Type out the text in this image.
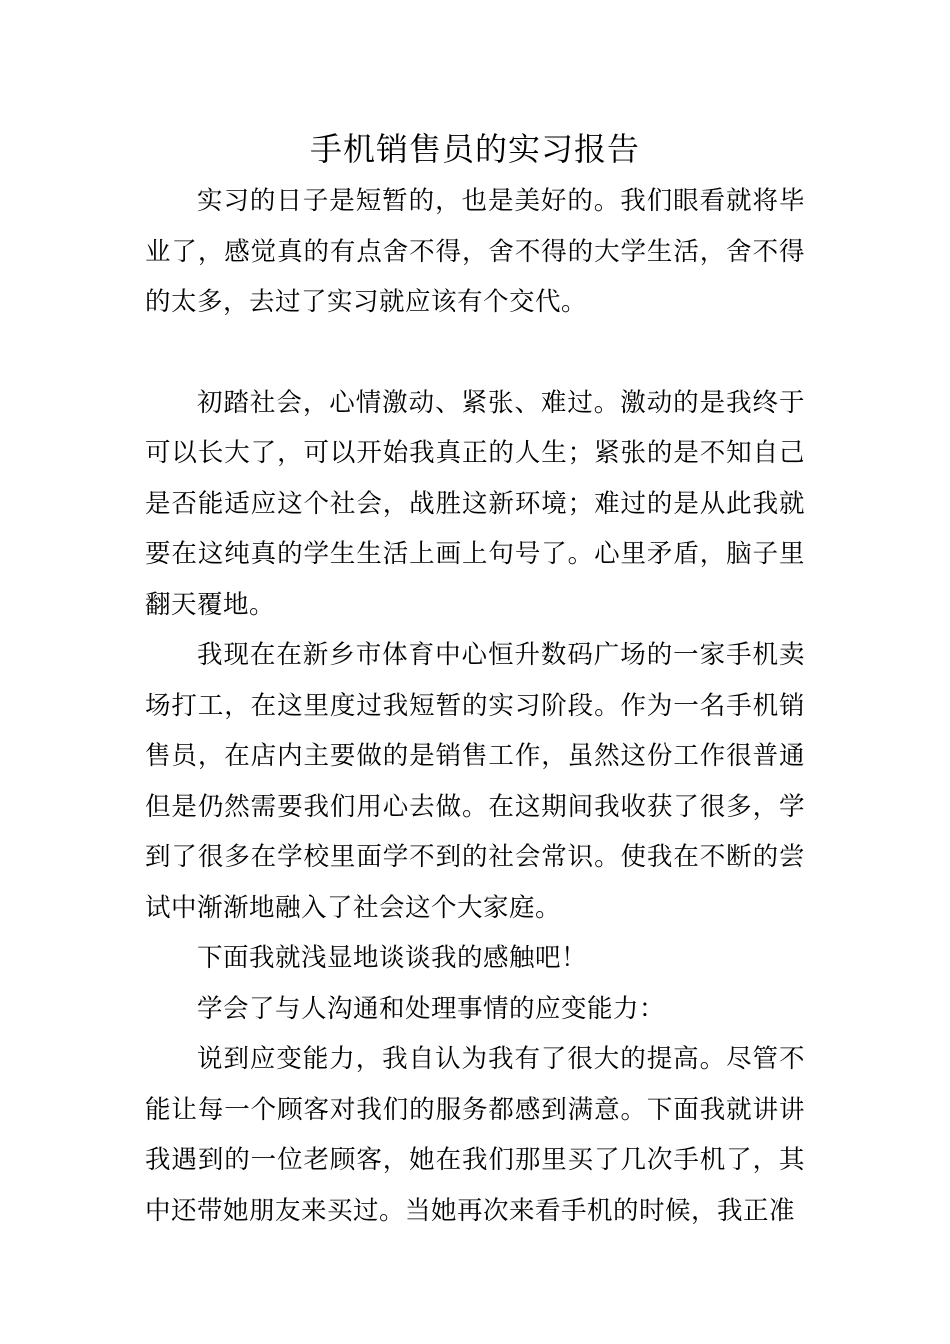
手机销售员的实习报告

实习的日子是短暂的，也是美好的。我们眼看就将毕业了，感觉真的有点舍不得，舍不得的大学生活，舍不得的太多，去过了实习就应该有个交代。

初踏社会，心情激动、紧张、难过。激动的是我终于可以长大了，可以开始我真正的人生；紧张的是不知自己是否能适应这个社会，战胜这新环境；难过的是从此我就要在这纯真的学生生活上画上句号了。心里矛盾，脑子里翻天覆地。

我现在在新乡市体育中心恒升数码广场的一家手机卖场打工，在这里度过我短暂的实习阶段。作为一名手机销售员，在店内主要做的是销售工作，虽然这份工作很普通但是仍然需要我们用心去做。在这期间我收获了很多，学到了很多在学校里面学不到的社会常识。使我在不断的尝试中渐渐地融入了社会这个大家庭。

下面我就浅显地谈谈我的感触吧！

学会了与人沟通和处理事情的应变能力：

说到应变能力，我自认为我有了很大的提高。尽管不能让每一个顾客对我们的服务都感到满意。下面我就讲讲我遇到的一位老顾客，她在我们那里买了几次手机了，其中还带她朋友来买过。当她再次来看手机的时候，我正准
